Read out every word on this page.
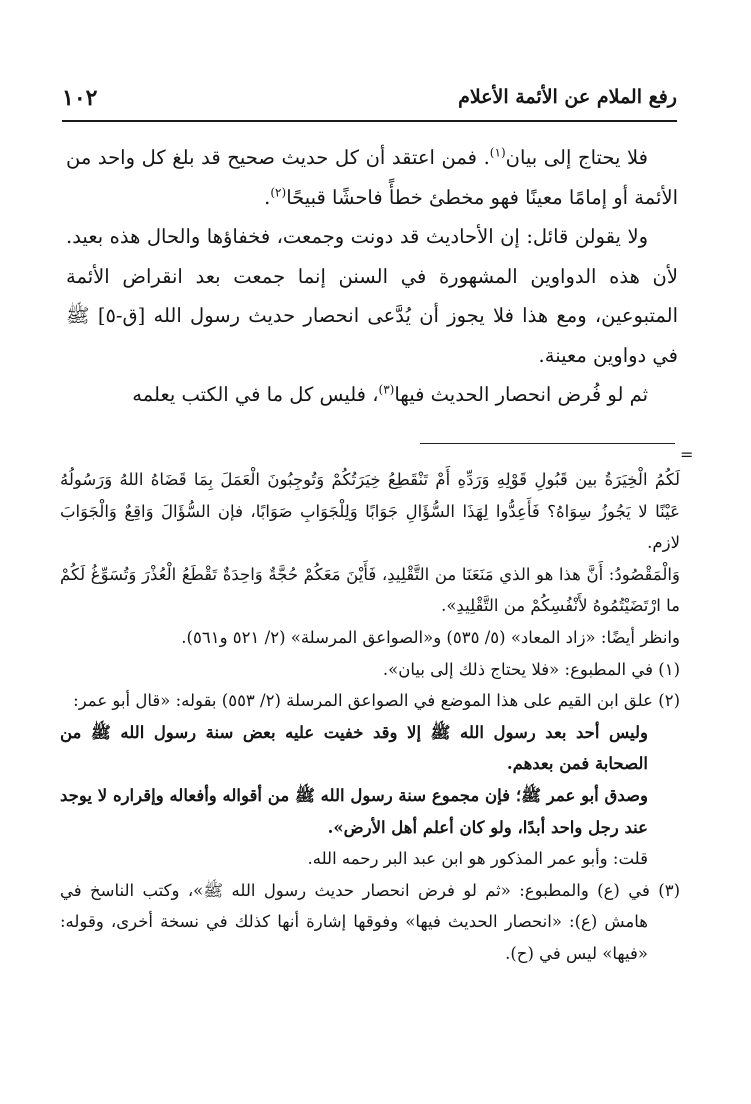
رفع الملام عن الأئمة الأعلام
١٠٢

فلا يحتاج إلى بيان$^{(١)}$. فمن اعتقد أن كل حديث صحيح قد بلغ كل واحد من الأئمة أو إمامًا معينًا فهو مخطئ خطأً فاحشًا قبيحًا$^{(٢)}$.

ولا يقولن قائل: إن الأحاديث قد دونت وجمعت، فخفاؤها والحال هذه بعيد. لأن هذه الدواوين المشهورة في السنن إنما جمعت بعد انقراض الأئمة المتبوعين، ومع هذا فلا يجوز أن يُدَّعى انحصار حديث رسول الله [ق-٥] ﷺ في دواوين معينة.

ثم لو فُرض انحصار الحديث فيها$^{(٣)}$، فليس كل ما في الكتب يعلمه

=

لَكُمُ الْخِيَرَةُ بين قَبُولِ قَوْلِهِ وَرَدِّهِ أَمْ تَنْقَطِعُ خِيَرَتُكُمْ وَتُوجِبُونَ الْعَمَلَ بِمَا قَضَاهُ اللهُ وَرَسُولُهُ عَيْنًا لا يَجُوزُ سِوَاهُ؟ فَأَعِدُّوا لِهَذَا السُّؤَالِ جَوَابًا وَلِلْجَوَابِ صَوَابًا، فإن السُّؤَالَ وَاقِعٌ وَالْجَوَابَ لازم.

وَالْمَقْصُودُ: أَنَّ هذا هو الذي مَنَعَنَا من التَّقْلِيدِ، فَأَيْنَ مَعَكُمْ حُجَّةٌ وَاحِدَةٌ تَقْطَعُ الْعُذْرَ وَتُسَوِّغُ لَكُمْ ما ارْتَضَيْتُمُوهُ لأَنْفُسِكُمْ من التَّقْلِيدِ».

وانظر أيضًا: «زاد المعاد» (٥/ ٥٣٥) و«الصواعق المرسلة» (٢/ ٥٢١ و٥٦١).

(١) في المطبوع: «فلا يحتاج ذلك إلى بيان».

(٢) علق ابن القيم على هذا الموضع في الصواعق المرسلة (٢/ ٥٥٣) بقوله: «قال أبو عمر:

وليس أحد بعد رسول الله ﷺ إلا وقد خفيت عليه بعض سنة رسول الله ﷺ من الصحابة فمن بعدهم.

وصدق أبو عمر ﷺ؛ فإن مجموع سنة رسول الله ﷺ من أقواله وأفعاله وإقراره لا يوجد عند رجل واحد أبدًا، ولو كان أعلم أهل الأرض».

قلت: وأبو عمر المذكور هو ابن عبد البر رحمه الله.

(٣) في (ع) والمطبوع: «ثم لو فرض انحصار حديث رسول الله ﷺ»، وكتب الناسخ في هامش (ع): «انحصار الحديث فيها» وفوقها إشارة أنها كذلك في نسخة أخرى، وقوله: «فيها» ليس في (ح).
